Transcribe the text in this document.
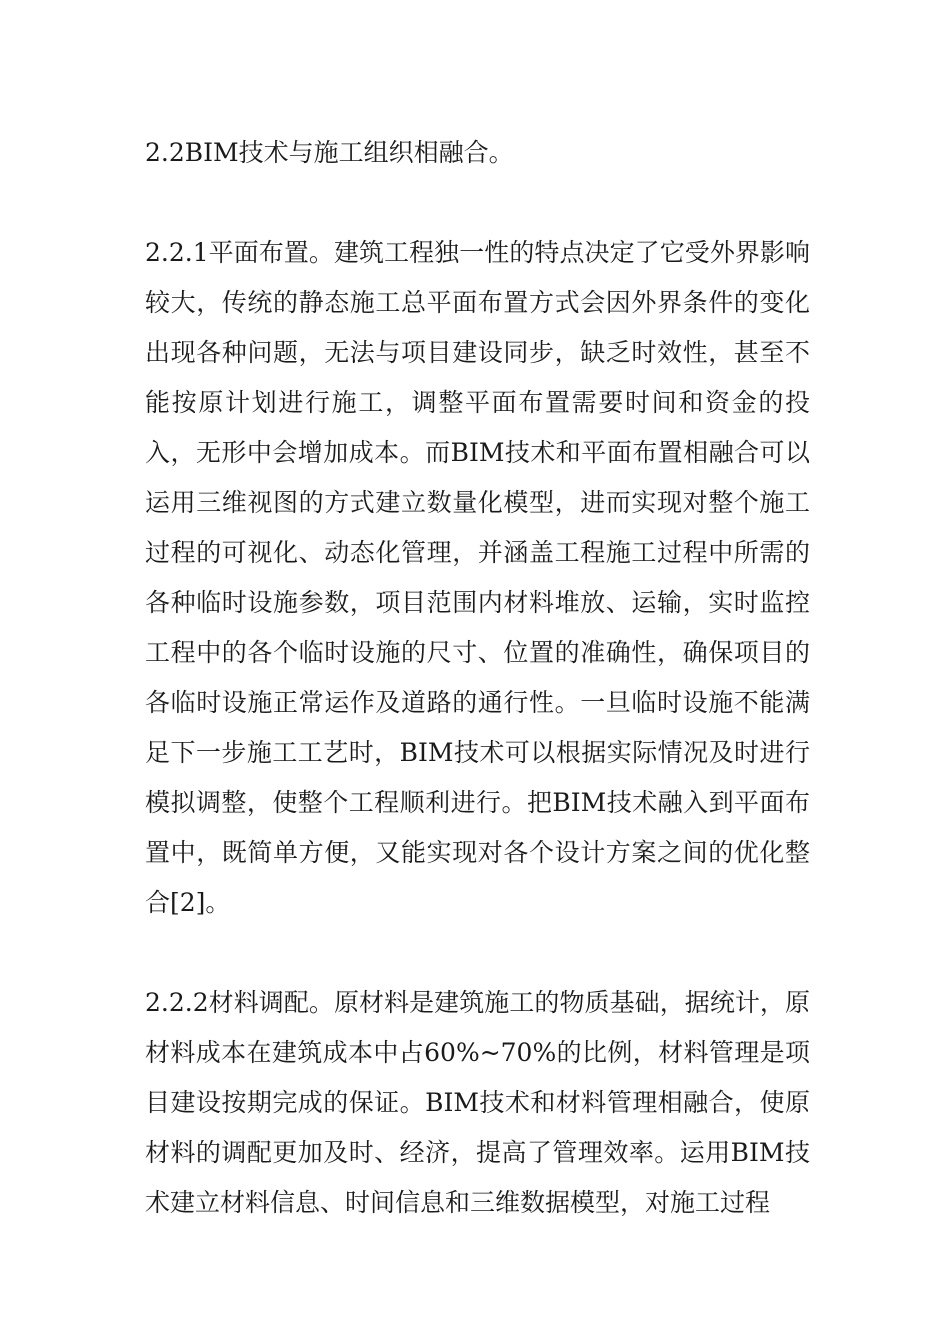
2.2BIM技术与施工组织相融合。

2.2.1平面布置。建筑工程独一性的特点决定了它受外界影响较大，传统的静态施工总平面布置方式会因外界条件的变化出现各种问题，无法与项目建设同步，缺乏时效性，甚至不能按原计划进行施工，调整平面布置需要时间和资金的投入，无形中会增加成本。而BIM技术和平面布置相融合可以运用三维视图的方式建立数量化模型，进而实现对整个施工过程的可视化、动态化管理，并涵盖工程施工过程中所需的各种临时设施参数，项目范围内材料堆放、运输，实时监控工程中的各个临时设施的尺寸、位置的准确性，确保项目的各临时设施正常运作及道路的通行性。一旦临时设施不能满足下一步施工工艺时，BIM技术可以根据实际情况及时进行模拟调整，使整个工程顺利进行。把BIM技术融入到平面布置中，既简单方便，又能实现对各个设计方案之间的优化整合[2]。

2.2.2材料调配。原材料是建筑施工的物质基础，据统计，原材料成本在建筑成本中占60%~70%的比例，材料管理是项目建设按期完成的保证。BIM技术和材料管理相融合，使原材料的调配更加及时、经济，提高了管理效率。运用BIM技术建立材料信息、时间信息和三维数据模型，对施工过程
